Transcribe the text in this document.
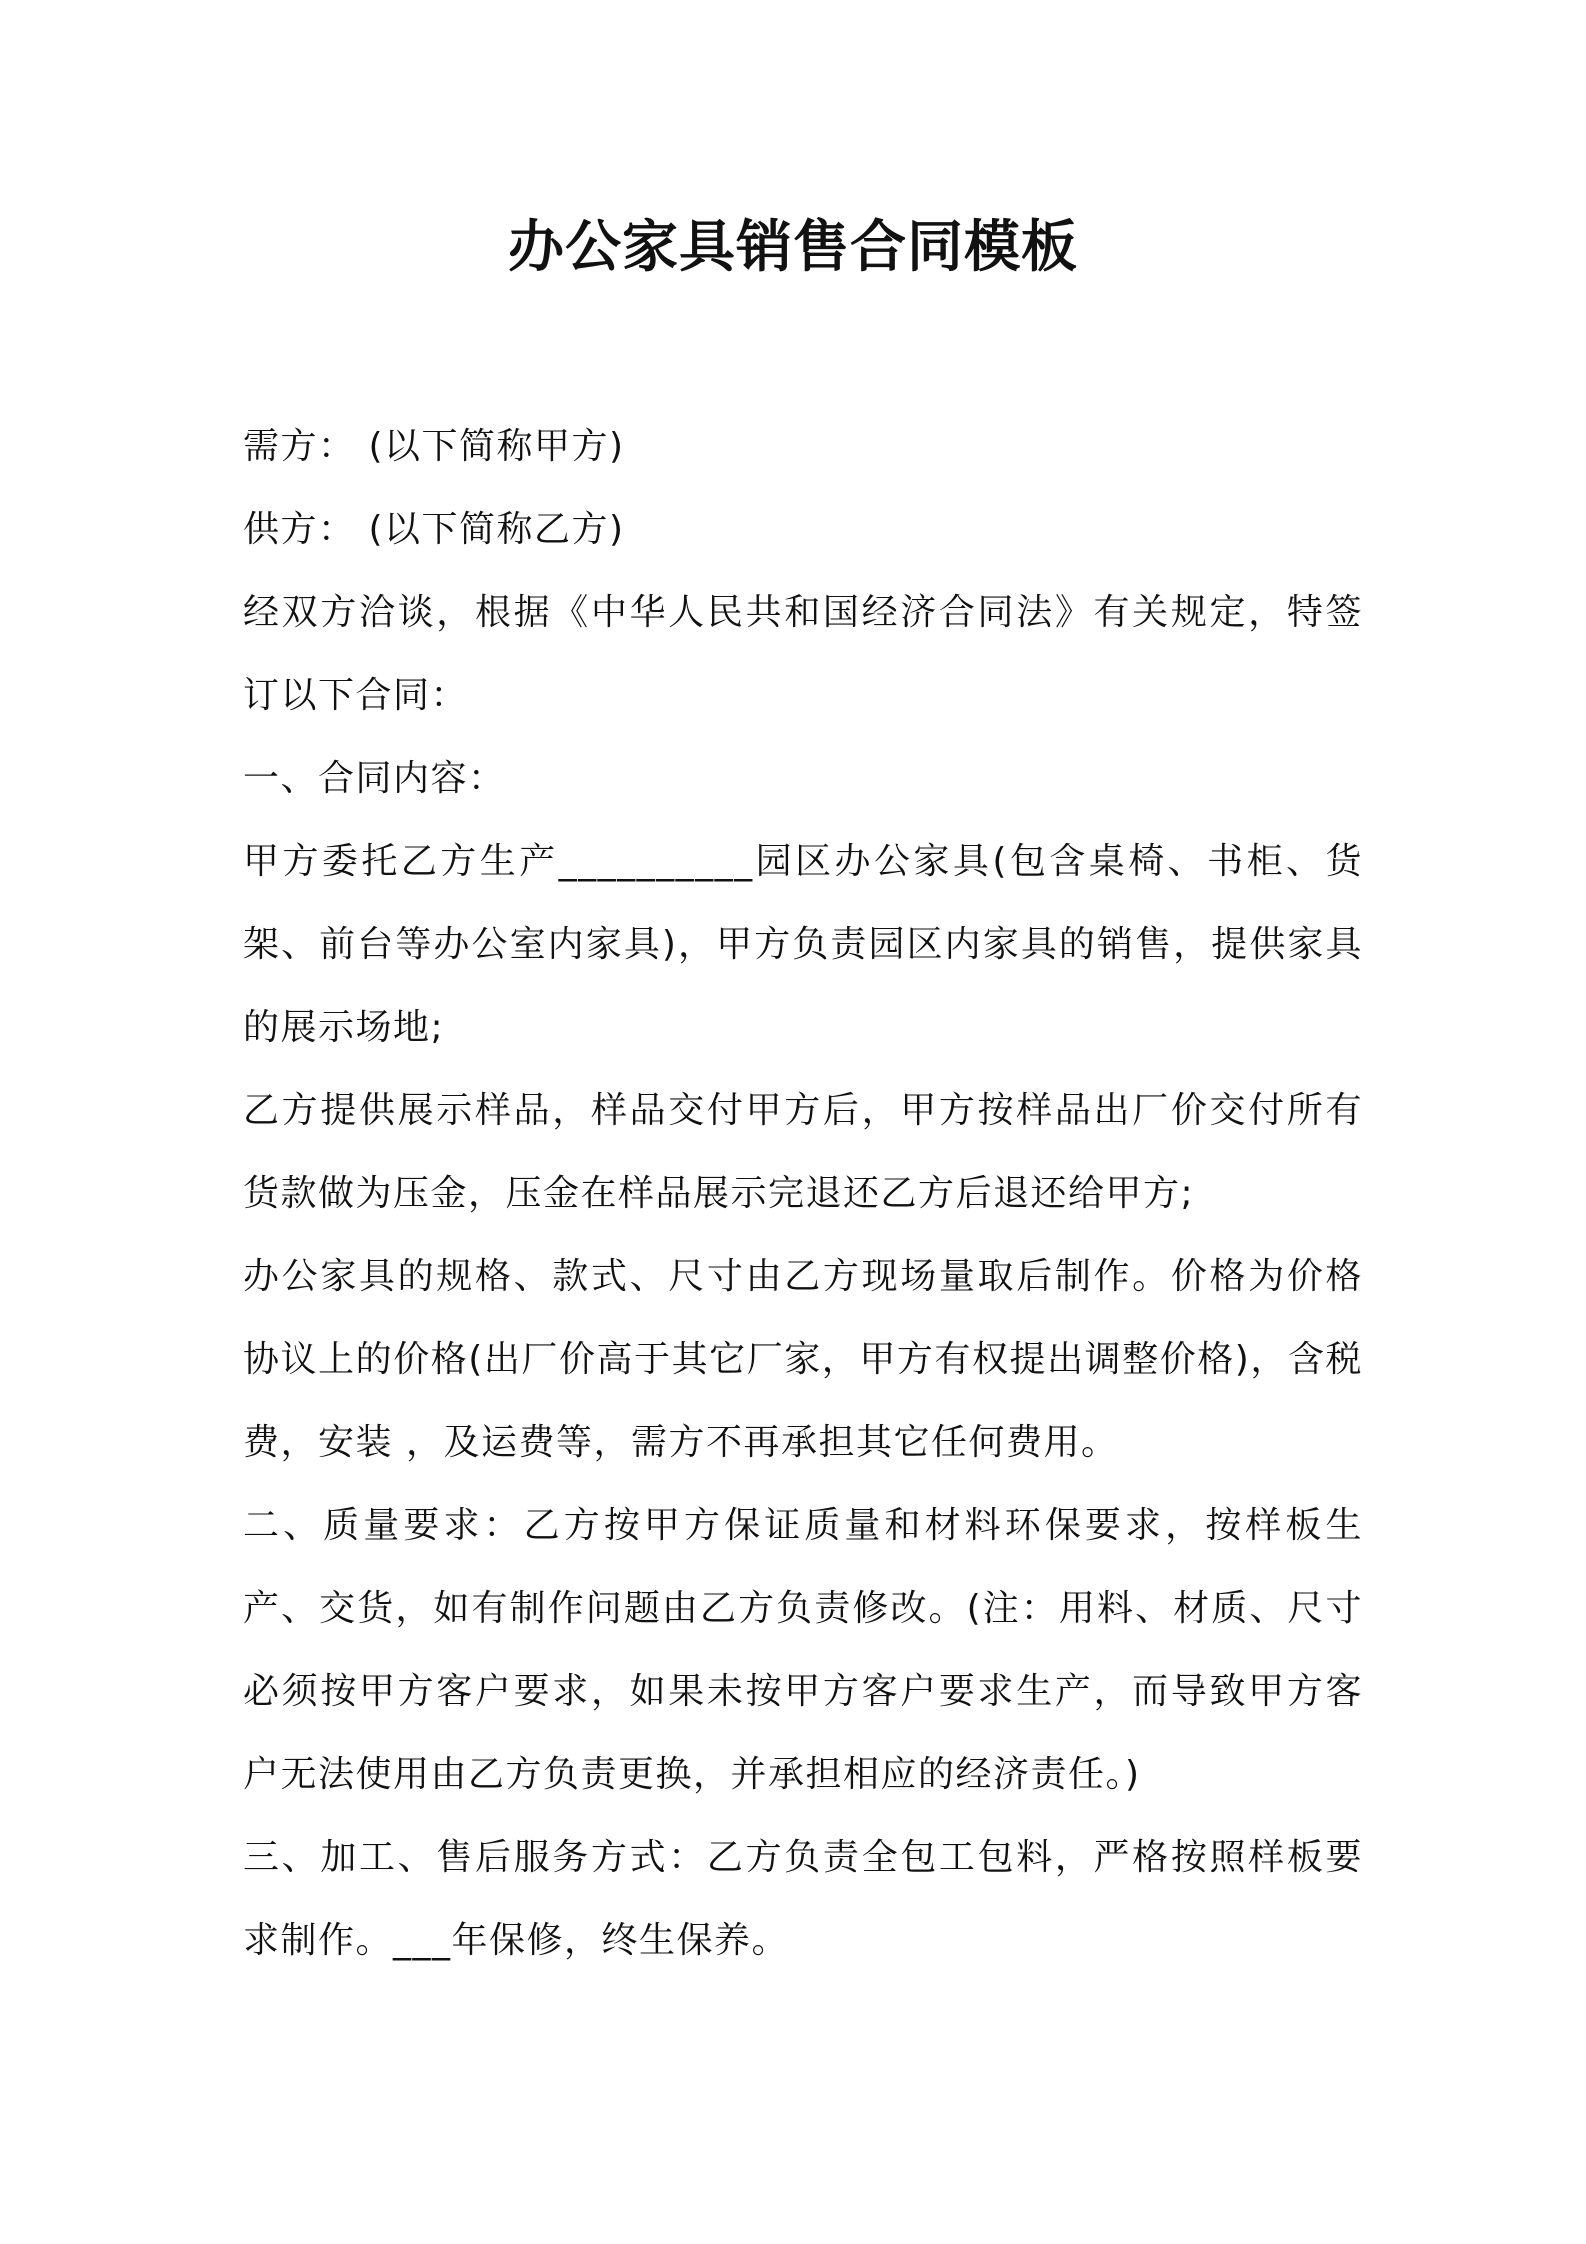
办公家具销售合同模板

需方： (以下简称甲方)

供方： (以下简称乙方)

经双方洽谈，根据《中华人民共和国经济合同法》有关规定，特签订以下合同：

一、合同内容：

甲方委托乙方生产__________园区办公家具(包含桌椅、书柜、货架、前台等办公室内家具)，甲方负责园区内家具的销售，提供家具的展示场地;

乙方提供展示样品，样品交付甲方后，甲方按样品出厂价交付所有货款做为压金，压金在样品展示完退还乙方后退还给甲方;

办公家具的规格、款式、尺寸由乙方现场量取后制作。价格为价格协议上的价格(出厂价高于其它厂家，甲方有权提出调整价格)，含税费，安装 ，及运费等，需方不再承担其它任何费用。

二、质量要求：乙方按甲方保证质量和材料环保要求，按样板生产、交货，如有制作问题由乙方负责修改。(注：用料、材质、尺寸必须按甲方客户要求，如果未按甲方客户要求生产，而导致甲方客户无法使用由乙方负责更换，并承担相应的经济责任。)

三、加工、售后服务方式：乙方负责全包工包料，严格按照样板要求制作。___年保修，终生保养。
